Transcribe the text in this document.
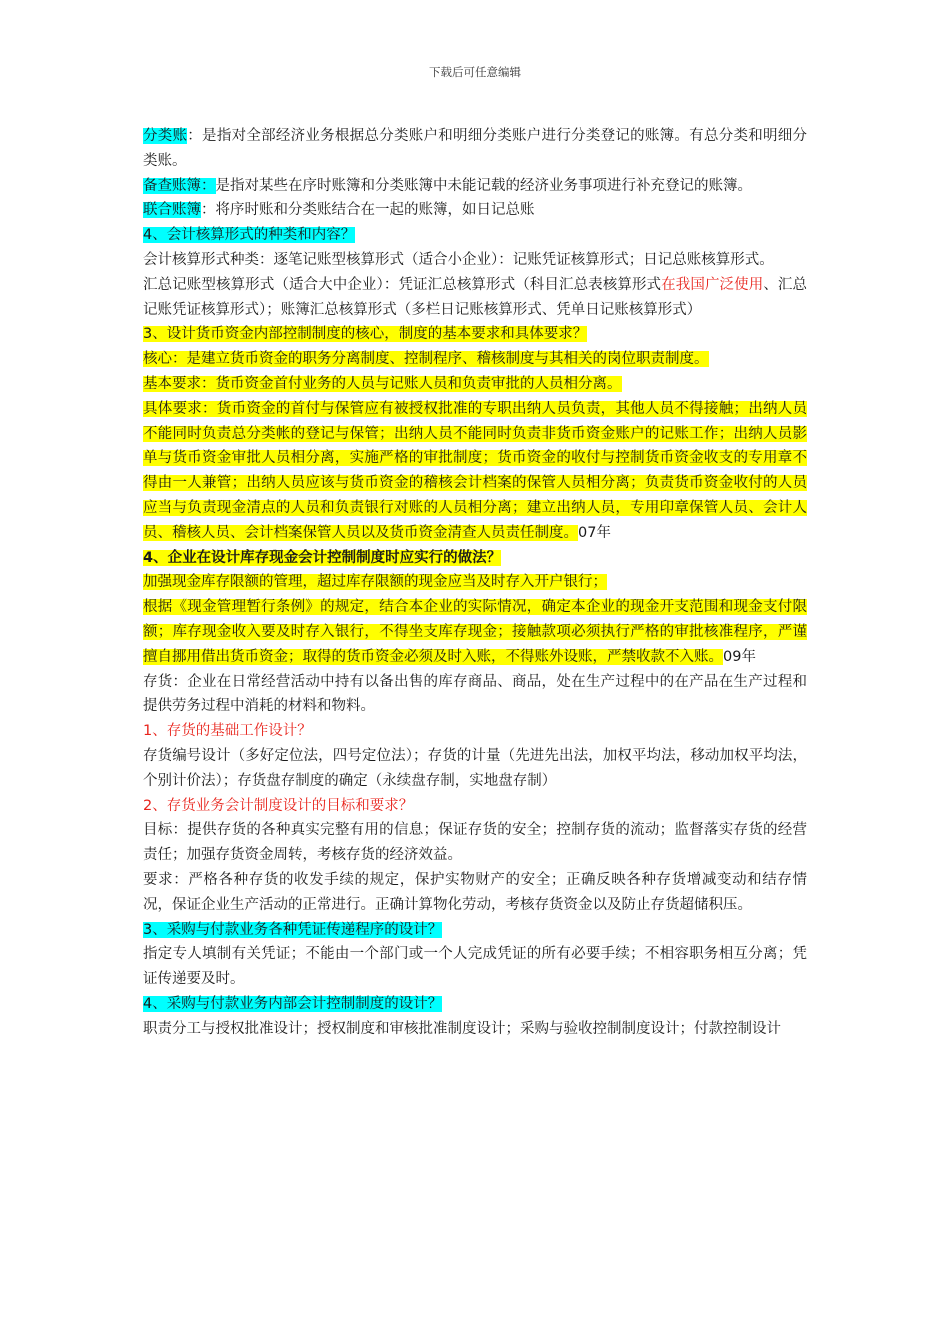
下载后可任意编辑

分类账：是指对全部经济业务根据总分类账户和明细分类账户进行分类登记的账簿。有总分类和明细分类账。

备查账簿：是指对某些在序时账簿和分类账簿中未能记载的经济业务事项进行补充登记的账簿。

联合账簿：将序时账和分类账结合在一起的账簿，如日记总账

4、会计核算形式的种类和内容？

会计核算形式种类：逐笔记账型核算形式（适合小企业）：记账凭证核算形式；日记总账核算形式。

汇总记账型核算形式（适合大中企业）：凭证汇总核算形式（科目汇总表核算形式在我国广泛使用、汇总记账凭证核算形式）；账簿汇总核算形式（多栏日记账核算形式、凭单日记账核算形式）

3、设计货币资金内部控制制度的核心，制度的基本要求和具体要求？

核心：是建立货币资金的职务分离制度、控制程序、稽核制度与其相关的岗位职责制度。

基本要求：货币资金首付业务的人员与记账人员和负责审批的人员相分离。

具体要求：货币资金的首付与保管应有被授权批准的专职出纳人员负责，其他人员不得接触；出纳人员不能同时负责总分类帐的登记与保管；出纳人员不能同时负责非货币资金账户的记账工作；出纳人员影单与货币资金审批人员相分离，实施严格的审批制度；货币资金的收付与控制货币资金收支的专用章不得由一人兼管；出纳人员应该与货币资金的稽核会计档案的保管人员相分离；负责货币资金收付的人员应当与负责现金清点的人员和负责银行对账的人员相分离；建立出纳人员，专用印章保管人员、会计人员、稽核人员、会计档案保管人员以及货币资金清查人员责任制度。07年

4、企业在设计库存现金会计控制制度时应实行的做法？

加强现金库存限额的管理，超过库存限额的现金应当及时存入开户银行；

根据《现金管理暂行条例》的规定，结合本企业的实际情况，确定本企业的现金开支范围和现金支付限额；库存现金收入要及时存入银行，不得坐支库存现金；接触款项必须执行严格的审批核准程序，严谨擅自挪用借出货币资金；取得的货币资金必须及时入账，不得账外设账，严禁收款不入账。09年

存货：企业在日常经营活动中持有以备出售的库存商品、商品，处在生产过程中的在产品在生产过程和提供劳务过程中消耗的材料和物料。

1、存货的基础工作设计？

存货编号设计（多好定位法，四号定位法）；存货的计量（先进先出法，加权平均法，移动加权平均法，个别计价法）；存货盘存制度的确定（永续盘存制，实地盘存制）

2、存货业务会计制度设计的目标和要求？

目标：提供存货的各种真实完整有用的信息；保证存货的安全；控制存货的流动；监督落实存货的经营责任；加强存货资金周转，考核存货的经济效益。

要求：严格各种存货的收发手续的规定，保护实物财产的安全；正确反映各种存货增减变动和结存情况，保证企业生产活动的正常进行。正确计算物化劳动，考核存货资金以及防止存货超储积压。

3、采购与付款业务各种凭证传递程序的设计？

指定专人填制有关凭证；不能由一个部门或一个人完成凭证的所有必要手续；不相容职务相互分离；凭证传递要及时。

4、采购与付款业务内部会计控制制度的设计？

职责分工与授权批准设计；授权制度和审核批准制度设计；采购与验收控制制度设计；付款控制设计
